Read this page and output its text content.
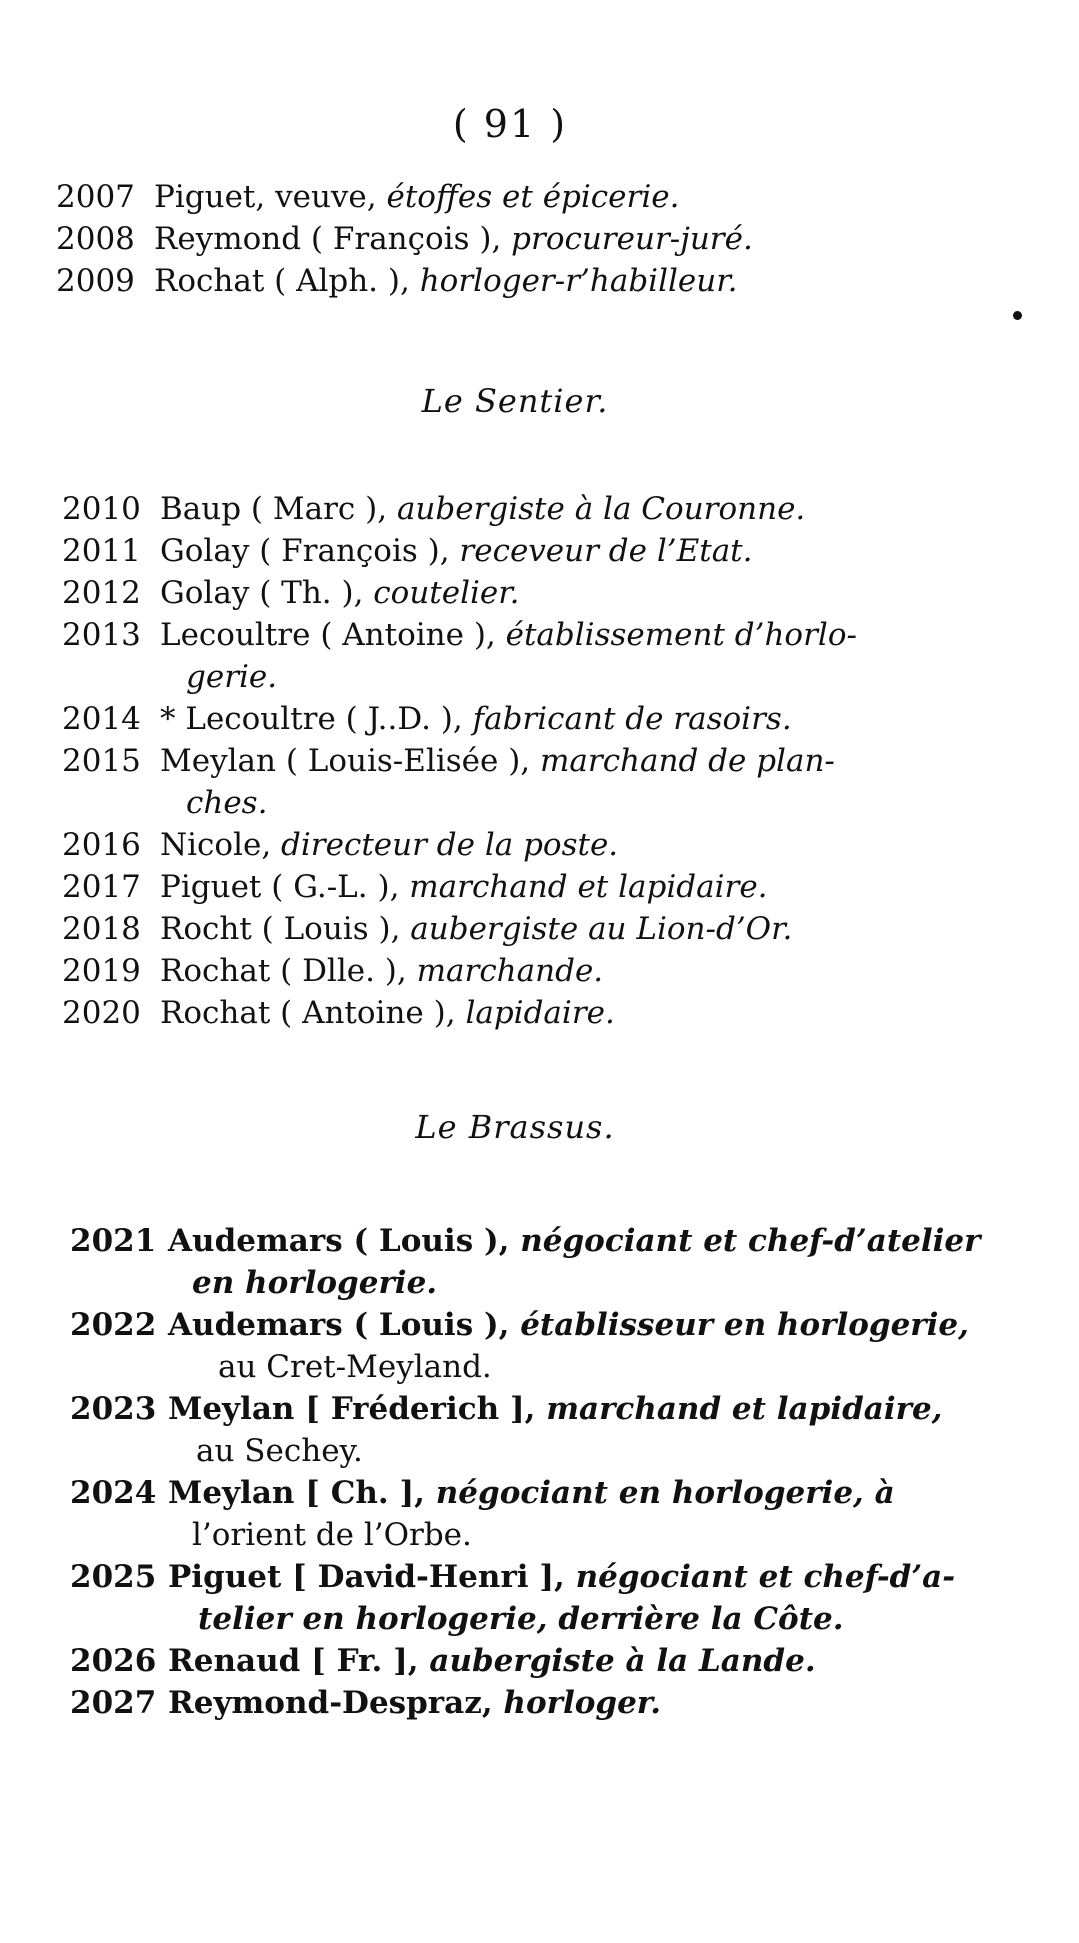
( 91 )
2007 Piguet, veuve, étoffes et épicerie.
2008 Reymond ( François ), procureur-juré.
2009 Rochat ( Alph. ), horloger-r’habilleur.
Le Sentier.
2010 Baup ( Marc ), aubergiste à la Couronne.
2011 Golay ( François ), receveur de l’Etat.
2012 Golay ( Th. ), coutelier.
2013 Lecoultre ( Antoine ), établissement d’horlo-
gerie.
2014 * Lecoultre ( J..D. ), fabricant de rasoirs.
2015 Meylan ( Louis-Elisée ), marchand de plan-
ches.
2016 Nicole, directeur de la poste.
2017 Piguet ( G.-L. ), marchand et lapidaire.
2018 Rocht ( Louis ), aubergiste au Lion-d’Or.
2019 Rochat ( Dlle. ), marchande.
2020 Rochat ( Antoine ), lapidaire.
Le Brassus.
2021 Audemars ( Louis ), négociant et chef-d’atelier
en horlogerie.
2022 Audemars ( Louis ), établisseur en horlogerie,
au Cret-Meyland.
2023 Meylan [ Fréderich ], marchand et lapidaire,
au Sechey.
2024 Meylan [ Ch. ], négociant en horlogerie, à
l’orient de l’Orbe.
2025 Piguet [ David-Henri ], négociant et chef-d’a-
telier en horlogerie, derrière la Côte.
2026 Renaud [ Fr. ], aubergiste à la Lande.
2027 Reymond-Despraz, horloger.
